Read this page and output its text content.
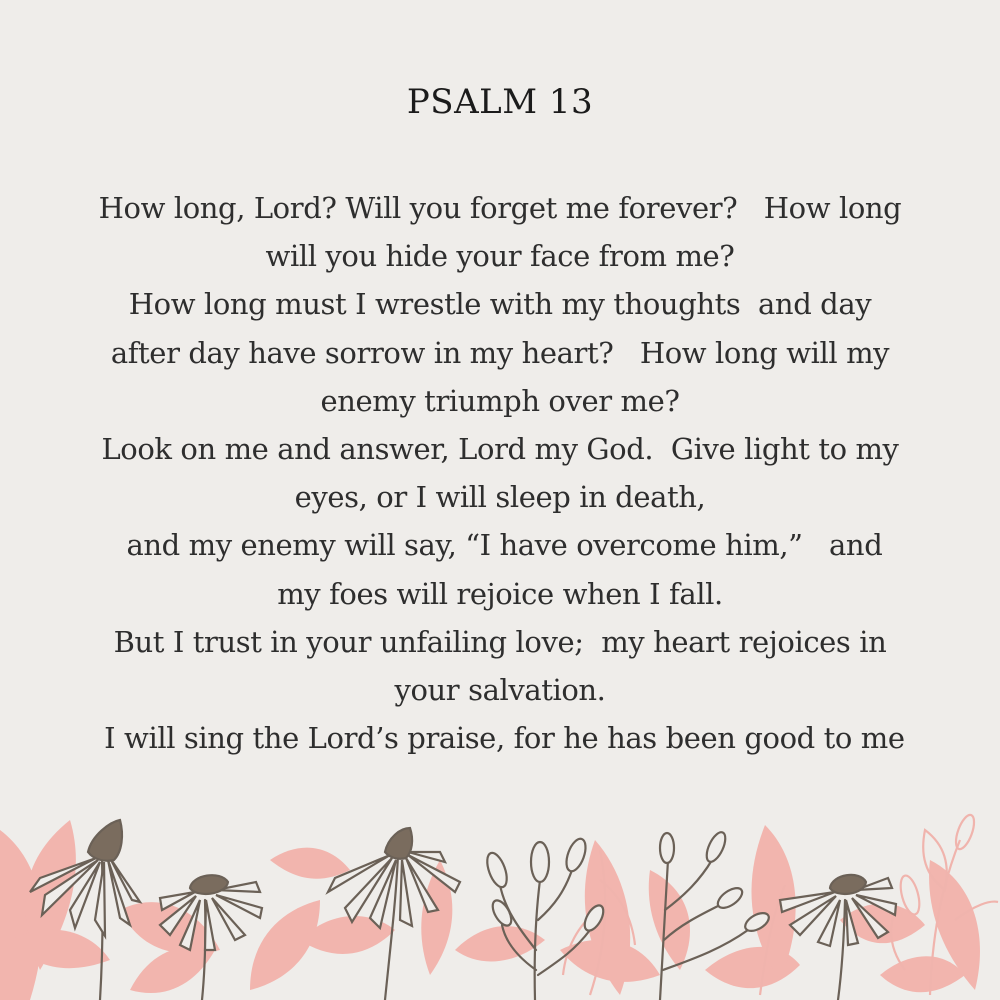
PSALM 13
How long, Lord? Will you forget me forever?   How long
will you hide your face from me?
How long must I wrestle with my thoughts  and day
after day have sorrow in my heart?   How long will my
enemy triumph over me?
Look on me and answer, Lord my God.  Give light to my
eyes, or I will sleep in death,
and my enemy will say, “I have overcome him,”   and
my foes will rejoice when I fall.
But I trust in your unfailing love;  my heart rejoices in
your salvation.
I will sing the Lord’s praise, for he has been good to me
